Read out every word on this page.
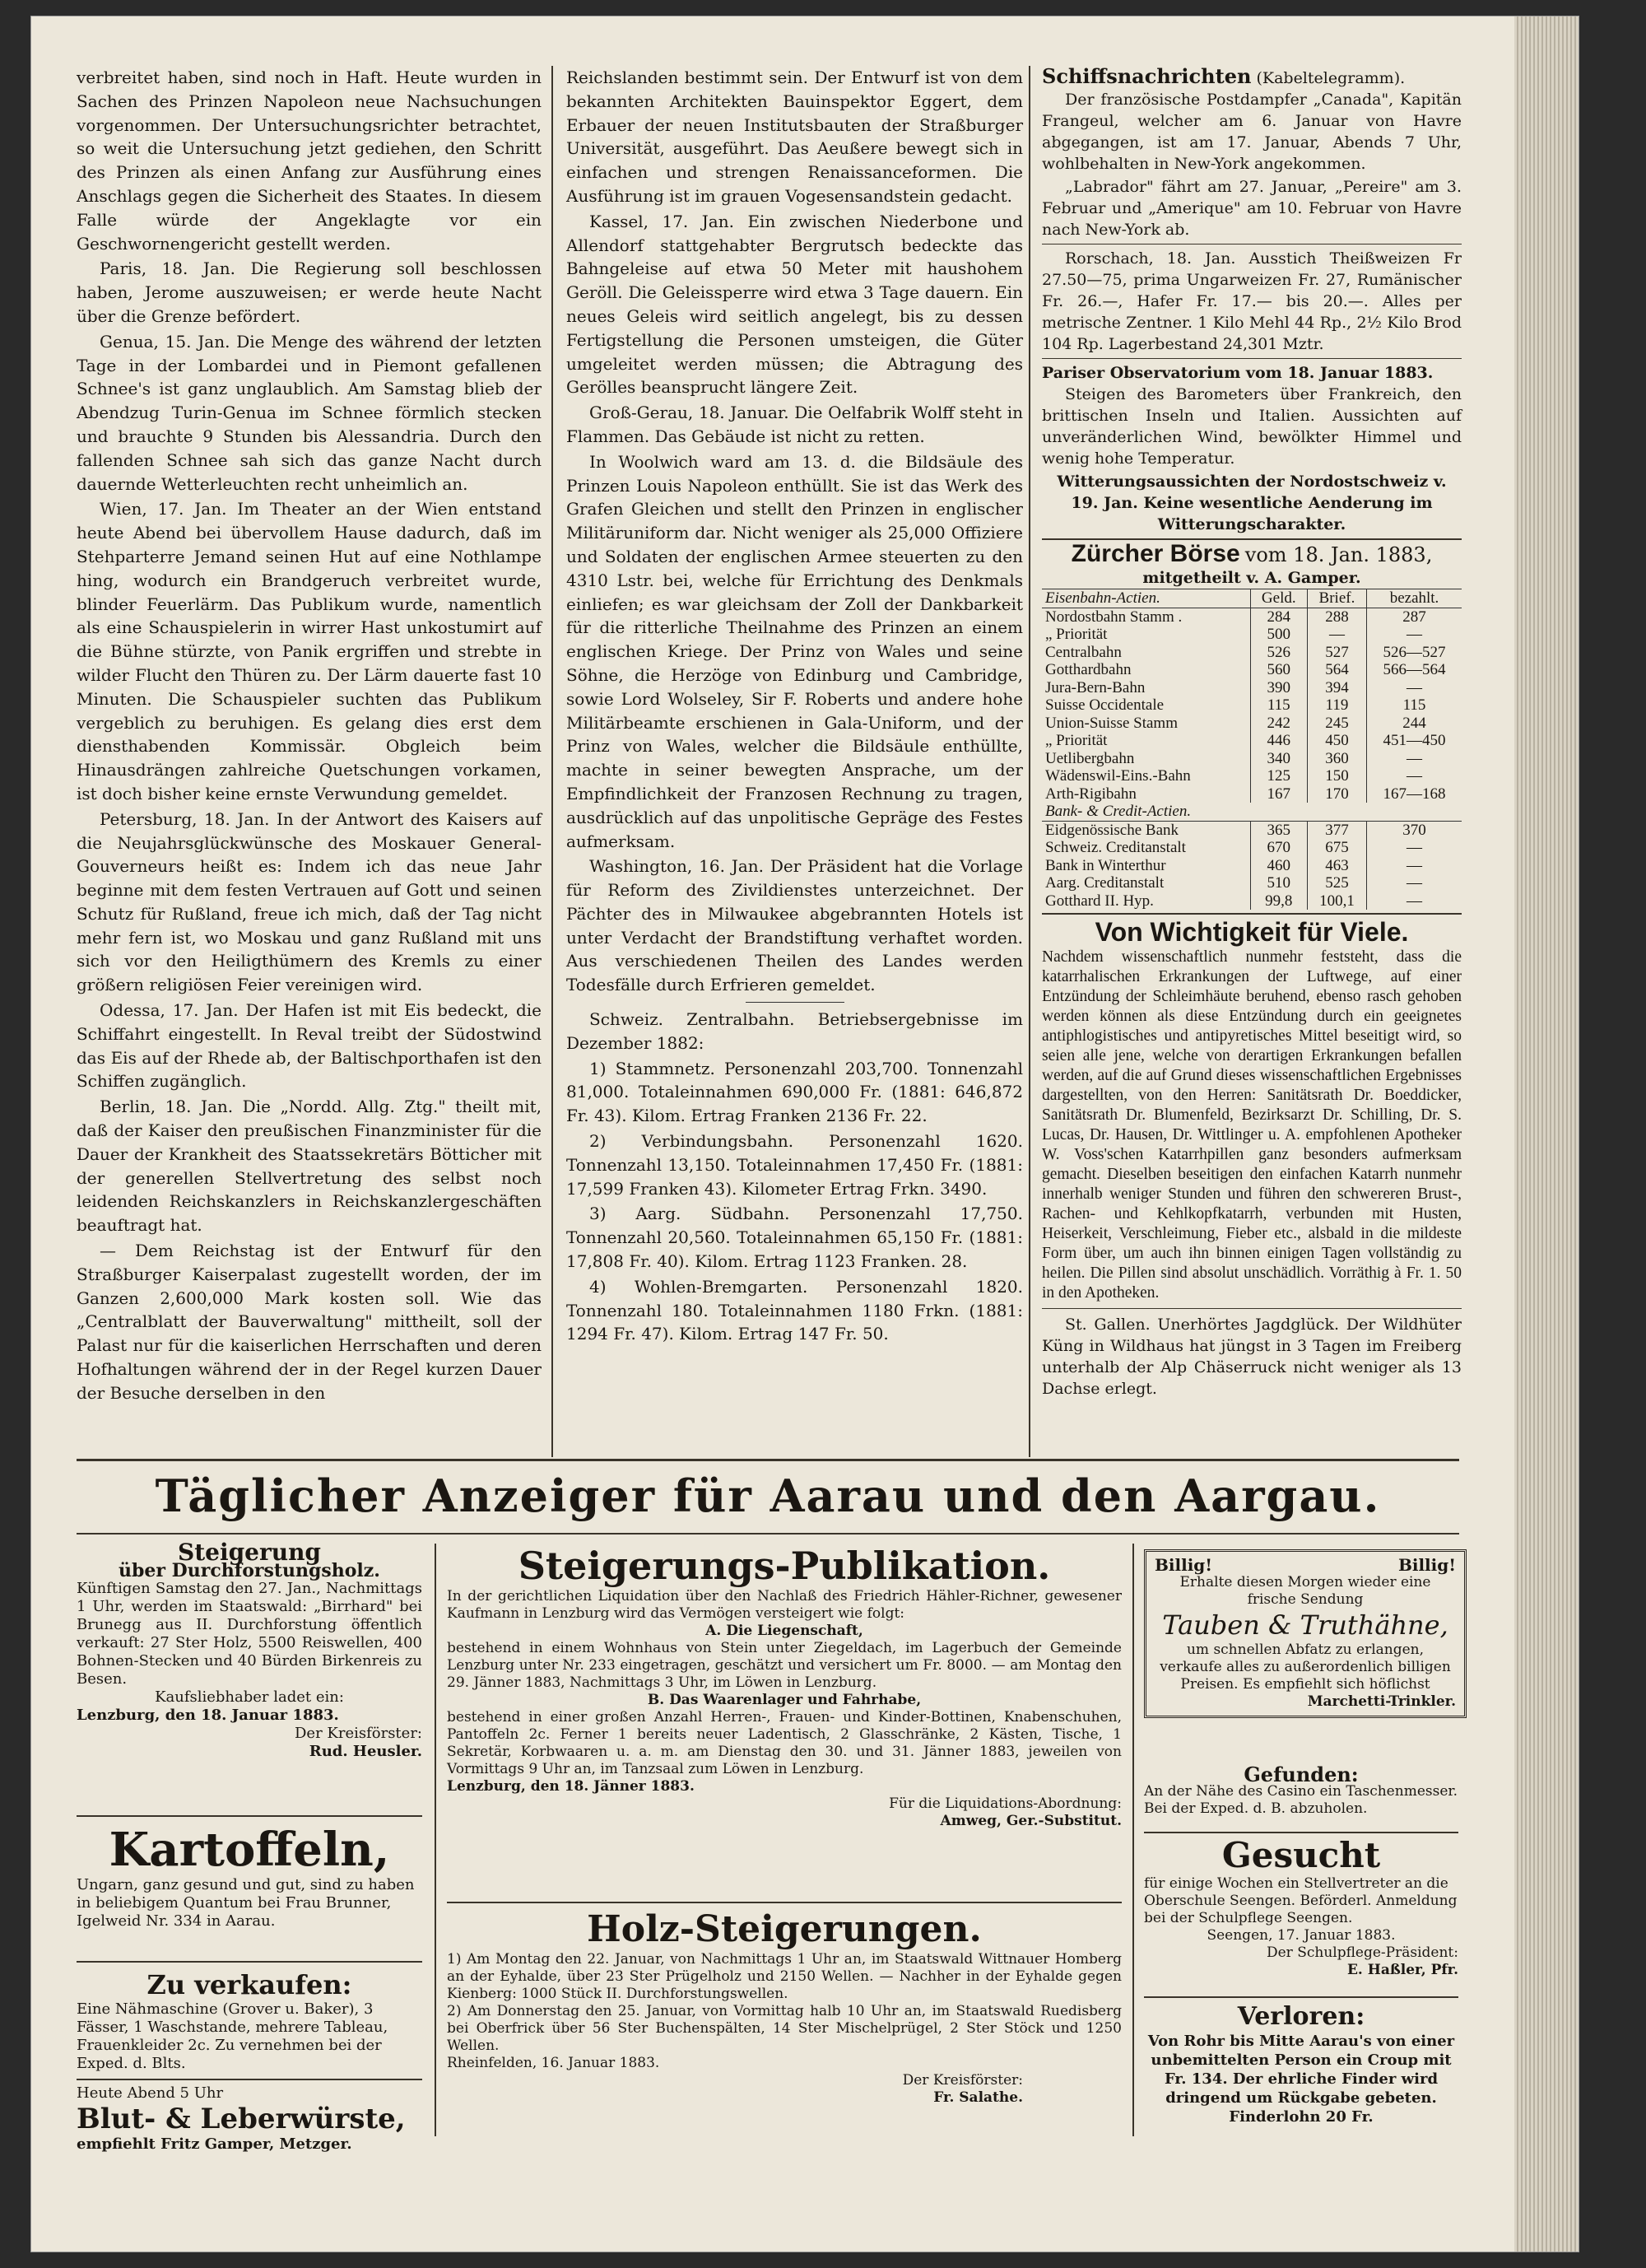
verbreitet haben, sind noch in Haft. Heute wurden in Sachen des Prinzen Napoleon neue Nachsuchungen vorgenommen. Der Untersuchungsrichter betrachtet, so weit die Untersuchung jetzt gediehen, den Schritt des Prinzen als einen Anfang zur Ausführung eines Anschlags gegen die Sicherheit des Staates. In diesem Falle würde der Angeklagte vor ein Geschwornengericht gestellt werden.

Paris, 18. Jan. Die Regierung soll beschlossen haben, Jerome auszuweisen; er werde heute Nacht über die Grenze befördert.

Genua, 15. Jan. Die Menge des während der letzten Tage in der Lombardei und in Piemont gefallenen Schnee's ist ganz unglaublich. Am Samstag blieb der Abendzug Turin-Genua im Schnee förmlich stecken und brauchte 9 Stunden bis Alessandria. Durch den fallenden Schnee sah sich das ganze Nacht durch dauernde Wetterleuchten recht unheimlich an.

Wien, 17. Jan. Im Theater an der Wien entstand heute Abend bei übervollem Hause dadurch, daß im Stehparterre Jemand seinen Hut auf eine Nothlampe hing, wodurch ein Brandgeruch verbreitet wurde, blinder Feuerlärm. Das Publikum wurde, namentlich als eine Schauspielerin in wirrer Hast unkostumirt auf die Bühne stürzte, von Panik ergriffen und strebte in wilder Flucht den Thüren zu. Der Lärm dauerte fast 10 Minuten. Die Schauspieler suchten das Publikum vergeblich zu beruhigen. Es gelang dies erst dem diensthabenden Kommissär. Obgleich beim Hinausdrängen zahlreiche Quetschungen vorkamen, ist doch bisher keine ernste Verwundung gemeldet.

Petersburg, 18. Jan. In der Antwort des Kaisers auf die Neujahrsglückwünsche des Moskauer General-Gouverneurs heißt es: Indem ich das neue Jahr beginne mit dem festen Vertrauen auf Gott und seinen Schutz für Rußland, freue ich mich, daß der Tag nicht mehr fern ist, wo Moskau und ganz Rußland mit uns sich vor den Heiligthümern des Kremls zu einer größern religiösen Feier vereinigen wird.

Odessa, 17. Jan. Der Hafen ist mit Eis bedeckt, die Schiffahrt eingestellt. In Reval treibt der Südostwind das Eis auf der Rhede ab, der Baltischporthafen ist den Schiffen zugänglich.

Berlin, 18. Jan. Die „Nordd. Allg. Ztg." theilt mit, daß der Kaiser den preußischen Finanzminister für die Dauer der Krankheit des Staatssekretärs Bötticher mit der generellen Stellvertretung des selbst noch leidenden Reichskanzlers in Reichskanzlergeschäften beauftragt hat.

— Dem Reichstag ist der Entwurf für den Straßburger Kaiserpalast zugestellt worden, der im Ganzen 2,600,000 Mark kosten soll. Wie das „Centralblatt der Bauverwaltung" mittheilt, soll der Palast nur für die kaiserlichen Herrschaften und deren Hofhaltungen während der in der Regel kurzen Dauer der Besuche derselben in den

Reichslanden bestimmt sein. Der Entwurf ist von dem bekannten Architekten Bauinspektor Eggert, dem Erbauer der neuen Institutsbauten der Straßburger Universität, ausgeführt. Das Aeußere bewegt sich in einfachen und strengen Renaissanceformen. Die Ausführung ist im grauen Vogesensandstein gedacht.

Kassel, 17. Jan. Ein zwischen Niederbone und Allendorf stattgehabter Bergrutsch bedeckte das Bahngeleise auf etwa 50 Meter mit haushohem Geröll. Die Geleissperre wird etwa 3 Tage dauern. Ein neues Geleis wird seitlich angelegt, bis zu dessen Fertigstellung die Personen umsteigen, die Güter umgeleitet werden müssen; die Abtragung des Gerölles beansprucht längere Zeit.

Groß-Gerau, 18. Januar. Die Oelfabrik Wolff steht in Flammen. Das Gebäude ist nicht zu retten.

In Woolwich ward am 13. d. die Bildsäule des Prinzen Louis Napoleon enthüllt. Sie ist das Werk des Grafen Gleichen und stellt den Prinzen in englischer Militäruniform dar. Nicht weniger als 25,000 Offiziere und Soldaten der englischen Armee steuerten zu den 4310 Lstr. bei, welche für Errichtung des Denkmals einliefen; es war gleichsam der Zoll der Dankbarkeit für die ritterliche Theilnahme des Prinzen an einem englischen Kriege. Der Prinz von Wales und seine Söhne, die Herzöge von Edinburg und Cambridge, sowie Lord Wolseley, Sir F. Roberts und andere hohe Militärbeamte erschienen in Gala-Uniform, und der Prinz von Wales, welcher die Bildsäule enthüllte, machte in seiner bewegten Ansprache, um der Empfindlichkeit der Franzosen Rechnung zu tragen, ausdrücklich auf das unpolitische Gepräge des Festes aufmerksam.

Washington, 16. Jan. Der Präsident hat die Vorlage für Reform des Zivildienstes unterzeichnet. Der Pächter des in Milwaukee abgebrannten Hotels ist unter Verdacht der Brandstiftung verhaftet worden. Aus verschiedenen Theilen des Landes werden Todesfälle durch Erfrieren gemeldet.

Schweiz. Zentralbahn. Betriebsergebnisse im Dezember 1882:

1) Stammnetz. Personenzahl 203,700. Tonnenzahl 81,000. Totaleinnahmen 690,000 Fr. (1881: 646,872 Fr. 43). Kilom. Ertrag Franken 2136 Fr. 22.

2) Verbindungsbahn. Personenzahl 1620. Tonnenzahl 13,150. Totaleinnahmen 17,450 Fr. (1881: 17,599 Franken 43). Kilometer Ertrag Frkn. 3490.

3) Aarg. Südbahn. Personenzahl 17,750. Tonnenzahl 20,560. Totaleinnahmen 65,150 Fr. (1881: 17,808 Fr. 40). Kilom. Ertrag 1123 Franken. 28.

4) Wohlen-Bremgarten. Personenzahl 1820. Tonnenzahl 180. Totaleinnahmen 1180 Frkn. (1881: 1294 Fr. 47). Kilom. Ertrag 147 Fr. 50.

Schiffsnachrichten (Kabeltelegramm).

Der französische Postdampfer „Canada", Kapitän Frangeul, welcher am 6. Januar von Havre abgegangen, ist am 17. Januar, Abends 7 Uhr, wohlbehalten in New-York angekommen.

„Labrador" fährt am 27. Januar, „Pereire" am 3. Februar und „Amerique" am 10. Februar von Havre nach New-York ab.

Rorschach, 18. Jan. Ausstich Theißweizen Fr 27.50—75, prima Ungarweizen Fr. 27, Rumänischer Fr. 26.—, Hafer Fr. 17.— bis 20.—. Alles per metrische Zentner. 1 Kilo Mehl 44 Rp., 2½ Kilo Brod 104 Rp. Lagerbestand 24,301 Mztr.

Pariser Observatorium vom 18. Januar 1883.

Steigen des Barometers über Frankreich, den brittischen Inseln und Italien. Aussichten auf unveränderlichen Wind, bewölkter Himmel und wenig hohe Temperatur.

Witterungsaussichten der Nordostschweiz v. 19. Jan. Keine wesentliche Aenderung im Witterungscharakter.
Zürcher Börse vom 18. Jan. 1883,
mitgetheilt v. A. Gamper.
Eisenbahn-Actien.	Geld.	Brief.	bezahlt.
Nordostbahn Stamm .	284	288	287
„ Priorität	500	—	—
Centralbahn	526	527	526—527
Gotthardbahn	560	564	566—564
Jura-Bern-Bahn	390	394	—
Suisse Occidentale	115	119	115
Union-Suisse Stamm	242	245	244
„ Priorität	446	450	451—450
Uetlibergbahn	340	360	—
Wädenswil-Eins.-Bahn	125	150	—
Arth-Rigibahn	167	170	167—168
Bank- & Credit-Actien.			
Eidgenössische Bank	365	377	370
Schweiz. Creditanstalt	670	675	—
Bank in Winterthur	460	463	—
Aarg. Creditanstalt	510	525	—
Gotthard II. Hyp.	99,8	100,1	—
Von Wichtigkeit für Viele.
Nachdem wissenschaftlich nunmehr feststeht, dass die katarrhalischen Erkrankungen der Luftwege, auf einer Entzündung der Schleimhäute beruhend, ebenso rasch gehoben werden können als diese Entzündung durch ein geeignetes antiphlogistisches und antipyretisches Mittel beseitigt wird, so seien alle jene, welche von derartigen Erkrankungen befallen werden, auf die auf Grund dieses wissenschaftlichen Ergebnisses dargestellten, von den Herren: Sanitätsrath Dr. Boeddicker, Sanitätsrath Dr. Blumenfeld, Bezirksarzt Dr. Schilling, Dr. S. Lucas, Dr. Hausen, Dr. Wittlinger u. A. empfohlenen Apotheker W. Voss'schen Katarrhpillen ganz besonders aufmerksam gemacht. Dieselben beseitigen den einfachen Katarrh nunmehr innerhalb weniger Stunden und führen den schwereren Brust-, Rachen- und Kehlkopfkatarrh, verbunden mit Husten, Heiserkeit, Verschleimung, Fieber etc., alsbald in die mildeste Form über, um auch ihn binnen einigen Tagen vollständig zu heilen. Die Pillen sind absolut unschädlich. Vorräthig à Fr. 1. 50 in den Apotheken.

St. Gallen. Unerhörtes Jagdglück. Der Wildhüter Küng in Wildhaus hat jüngst in 3 Tagen im Freiberg unterhalb der Alp Chäserruck nicht weniger als 13 Dachse erlegt.

Täglicher Anzeiger für Aarau und den Aargau.
Steigerung
über Durchforstungsholz.
Künftigen Samstag den 27. Jan., Nachmittags 1 Uhr, werden im Staatswald: „Birrhard" bei Brunegg aus II. Durchforstung öffentlich verkauft: 27 Ster Holz, 5500 Reiswellen, 400 Bohnen-Stecken und 40 Bürden Birkenreis zu Besen.
Kaufsliebhaber ladet ein:
Lenzburg, den 18. Januar 1883.
Der Kreisförster:
Rud. Heusler.
Kartoffeln,
Ungarn, ganz gesund und gut, sind zu haben in beliebigem Quantum bei Frau Brunner, Igelweid Nr. 334 in Aarau.
Zu verkaufen:
Eine Nähmaschine (Grover u. Baker), 3 Fässer, 1 Waschstande, mehrere Tableau, Frauenkleider 2c. Zu vernehmen bei der Exped. d. Blts.
Heute Abend 5 Uhr
Blut- & Leberwürste,
empfiehlt Fritz Gamper, Metzger.
Steigerungs-Publikation.
In der gerichtlichen Liquidation über den Nachlaß des Friedrich Hähler-Richner, gewesener Kaufmann in Lenzburg wird das Vermögen versteigert wie folgt:
A. Die Liegenschaft,
bestehend in einem Wohnhaus von Stein unter Ziegeldach, im Lagerbuch der Gemeinde Lenzburg unter Nr. 233 eingetragen, geschätzt und versichert um Fr. 8000. — am Montag den 29. Jänner 1883, Nachmittags 3 Uhr, im Löwen in Lenzburg.
B. Das Waarenlager und Fahrhabe,
bestehend in einer großen Anzahl Herren-, Frauen- und Kinder-Bottinen, Knabenschuhen, Pantoffeln 2c. Ferner 1 bereits neuer Ladentisch, 2 Glasschränke, 2 Kästen, Tische, 1 Sekretär, Korbwaaren u. a. m. am Dienstag den 30. und 31. Jänner 1883, jeweilen von Vormittags 9 Uhr an, im Tanzsaal zum Löwen in Lenzburg.
Lenzburg, den 18. Jänner 1883.
Für die Liquidations-Abordnung:
Amweg, Ger.-Substitut.
Holz-Steigerungen.
1) Am Montag den 22. Januar, von Nachmittags 1 Uhr an, im Staatswald Wittnauer Homberg an der Eyhalde, über 23 Ster Prügelholz und 2150 Wellen. — Nachher in der Eyhalde gegen Kienberg: 1000 Stück II. Durchforstungswellen.
2) Am Donnerstag den 25. Januar, von Vormittag halb 10 Uhr an, im Staatswald Ruedisberg bei Oberfrick über 56 Ster Buchenspälten, 14 Ster Mischelprügel, 2 Ster Stöck und 1250 Wellen.
Rheinfelden, 16. Januar 1883.
Der Kreisförster:
Fr. Salathe.
Billig!	Billig!
Erhalte diesen Morgen wieder eine frische Sendung
Tauben & Truthähne,
um schnellen Abfatz zu erlangen, verkaufe alles zu außerordenlich billigen Preisen. Es empfiehlt sich höflichst
Marchetti-Trinkler.
Gefunden:
An der Nähe des Casino ein Taschenmesser. Bei der Exped. d. B. abzuholen.
Gesucht
für einige Wochen ein Stellvertreter an die Oberschule Seengen. Beförderl. Anmeldung bei der Schulpflege Seengen.
Seengen, 17. Januar 1883.
Der Schulpflege-Präsident:
E. Haßler, Pfr.
Verloren:
Von Rohr bis Mitte Aarau's von einer unbemittelten Person ein Croup mit Fr. 134. Der ehrliche Finder wird dringend um Rückgabe gebeten. Finderlohn 20 Fr.
